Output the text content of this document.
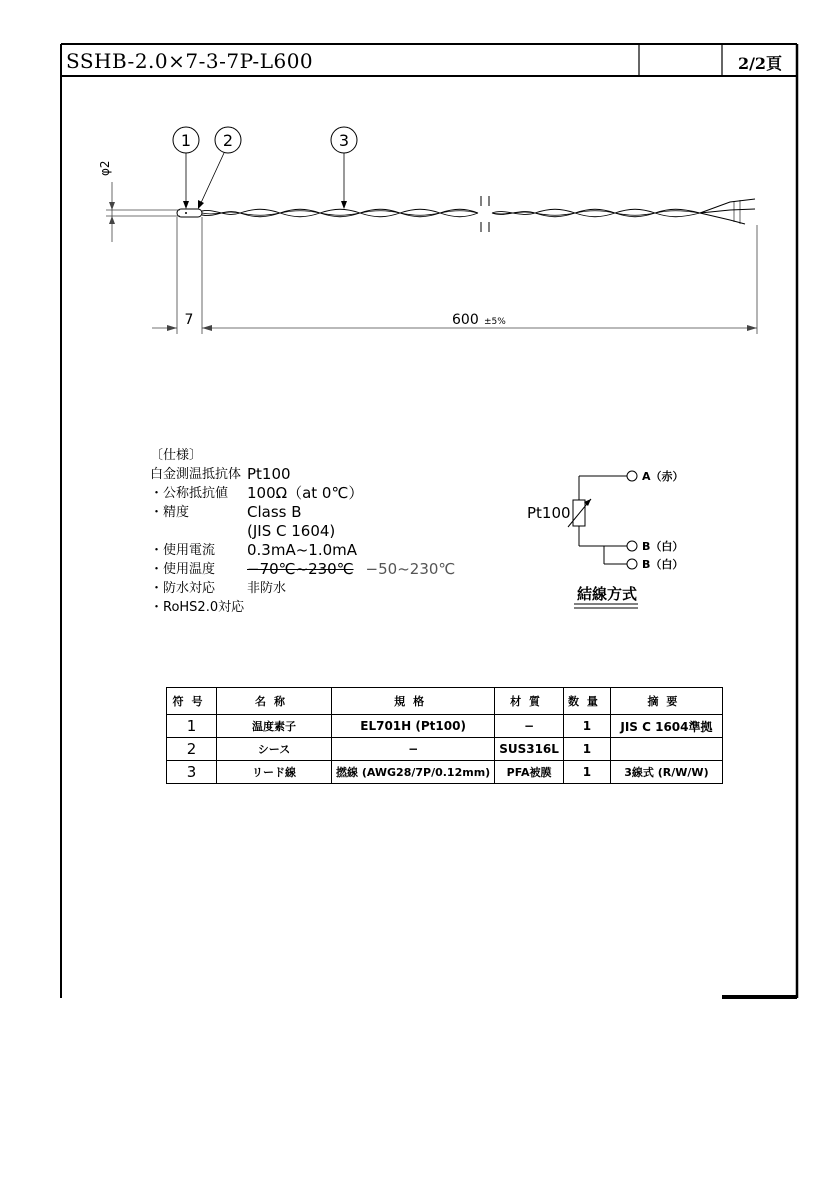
1 2	3
φ2
7	600 ±5%
Pt100
A（赤）
B（白）
B（白）
SSHB-2.0×7-3-7P-L600	2/2頁
〔仕様〕
白金測温抵抗体 Pt100
・公称抵抗値 100Ω（at 0℃）
・精度	Class B
(JIS C 1604)
・使用電流 0.3mA~1.0mA
・使用温度 −70℃~230℃ −50~230℃
・防水対応 非防水
・RoHS2.0対応
結線方式
符号	名称	規格	材質	数量	摘要
1	温度素子	EL701H (Pt100)	−	1	JIS C 1604準拠
2	シース	−	SUS316L	1	
3	リード線	撚線 (AWG28/7P/0.12mm)	PFA被膜	1	3線式 (R/W/W)
